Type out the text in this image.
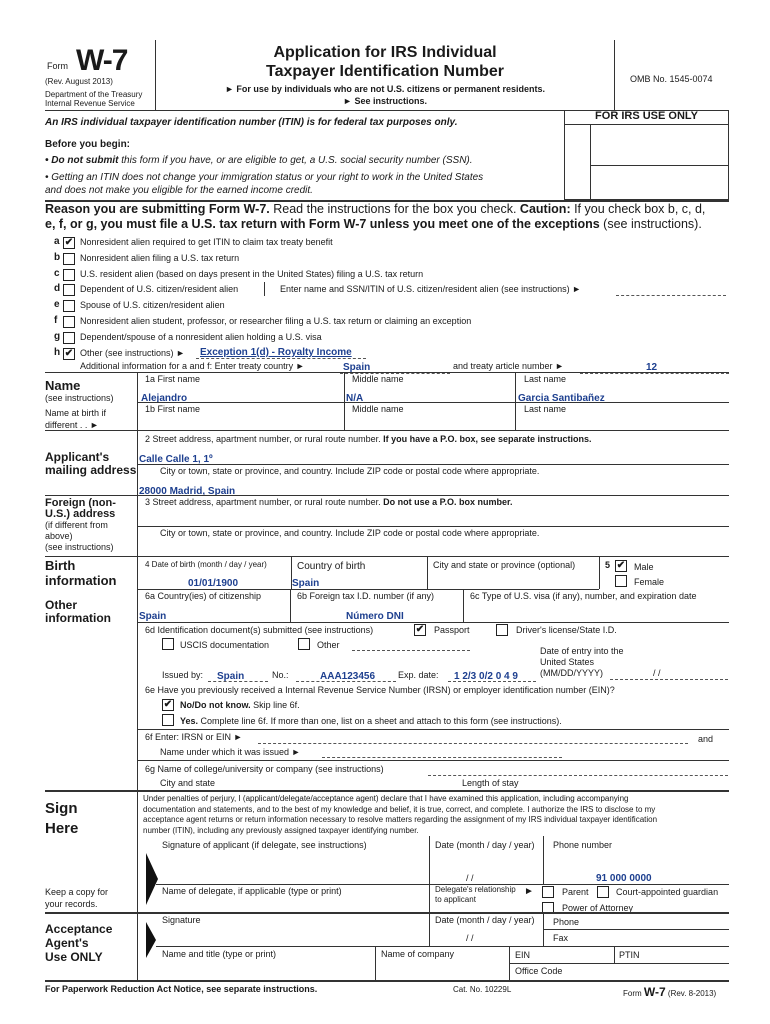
Form W-7
(Rev. August 2013)
Department of the Treasury
Internal Revenue Service
Application for IRS Individual
Taxpayer Identification Number
► For use by individuals who are not U.S. citizens or permanent residents.
► See instructions.
OMB No. 1545-0074
FOR IRS USE ONLY
An IRS individual taxpayer identification number (ITIN) is for federal tax purposes only.
Before you begin:
• Do not submit this form if you have, or are eligible to get, a U.S. social security number (SSN).
• Getting an ITIN does not change your immigration status or your right to work in the United States
and does not make you eligible for the earned income credit.
Reason you are submitting Form W-7. Read the instructions for the box you check. Caution: If you check box b, c, d,
e, f, or g, you must file a U.S. tax return with Form W-7 unless you meet one of the exceptions (see instructions).
a ✔ Nonresident alien required to get ITIN to claim tax treaty benefit
b Nonresident alien filing a U.S. tax return
c U.S. resident alien (based on days present in the United States) filing a U.S. tax return
d Dependent of U.S. citizen/resident alien
e Spouse of U.S. citizen/resident alien
f	Nonresident alien student, professor, or researcher filing a U.S. tax return or claiming an exception
g Dependent/spouse of a nonresident alien holding a U.S. visa
h ✔ Other (see instructions) ►
Enter name and SSN/ITIN of U.S. citizen/resident alien (see instructions) ►
Exception 1(d) - Royalty Income
Additional information for a and f: Enter treaty country ►	Spain	and treaty article number ►	12
Name
(see instructions)
Name at birth if
different . . ►
1a First name	Middle name	Last name
Alejandro	N/A	Garcia Santibañez
1b First name	Middle name	Last name
Applicant's
mailing address
2 Street address, apartment number, or rural route number. If you have a P.O. box, see separate instructions.
Calle Calle 1, 1º
City or town, state or province, and country. Include ZIP code or postal code where appropriate.
28000 Madrid, Spain
Foreign (non-
U.S.) address
(if different from
above)
(see instructions)
3 Street address, apartment number, or rural route number. Do not use a P.O. box number.
City or town, state or province, and country. Include ZIP code or postal code where appropriate.
Birth
information
4 Date of birth (month / day / year)	Country of birth	City and state or province (optional)	5 ✔ Male
Female
01/01/1900	Spain
Other
information
6a Country(ies) of citizenship	6b Foreign tax I.D. number (if any)	6c Type of U.S. visa (if any), number, and expiration date
Spain	Número DNI
6d Identification document(s) submitted (see instructions)	✔ Passport	Driver's license/State I.D.
USCIS documentation	Other
Date of entry into the
United States
(MM/DD/YYYY)	/ /
Issued by: Spain	No.:	AAA123456	Exp. date: 1 2/3 0/2 0 4 9
6e Have you previously received a Internal Revenue Service Number (IRSN) or employer identification number (EIN)?
✔ No/Do not know. Skip line 6f.
Yes. Complete line 6f. If more than one, list on a sheet and attach to this form (see instructions).
6f Enter: IRSN or EIN ►	and
Name under which it was issued ►
6g Name of college/university or company (see instructions)
City and state	Length of stay
Sign
Here
Under penalties of perjury, I (applicant/delegate/acceptance agent) declare that I have examined this application, including accompanying
documentation and statements, and to the best of my knowledge and belief, it is true, correct, and complete. I authorize the IRS to disclose to my
acceptance agent returns or return information necessary to resolve matters regarding the assignment of my IRS individual taxpayer identification
number (ITIN), including any previously assigned taxpayer identifying number.
Signature of applicant (if delegate, see instructions)	Date (month / day / year) Phone number
/ /	91 000 0000
Keep a copy for
your records.
Name of delegate, if applicable (type or print)	Delegate's relationship
to applicant
►	Parent	Court-appointed guardian
Power of Attorney
Acceptance
Agent's
Use ONLY
Signature	Date (month / day / year)
/ /
Phone
Fax
Name and title (type or print)	Name of company	EIN	PTIN
Office Code
For Paperwork Reduction Act Notice, see separate instructions.	Cat. No. 10229L	Form W-7 (Rev. 8-2013)
